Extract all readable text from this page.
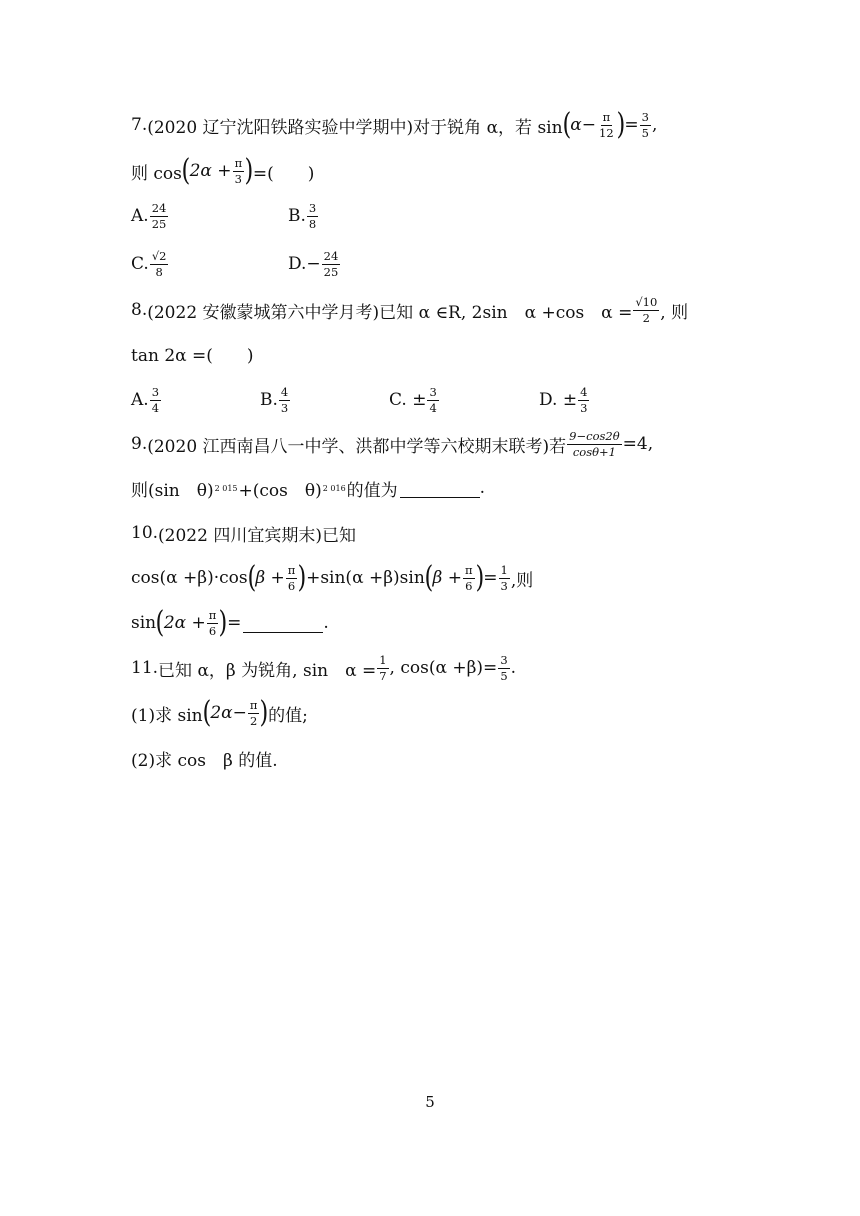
7. (2020 辽宁沈阳铁路实验中学期中) 对于锐角 α，若 sin ( $\alpha- \frac{\pi}{12}$ ) = $\frac{3}{5}$ ,
则 cos ( $2\alpha + \frac{\pi}{3}$ ) =(　　)
A. $\frac{24}{25}$	B. $\frac{3}{8}$
C. $\frac{√2}{8}$	$D.- \frac{24}{25}$
8. (2022 安徽蒙城第六中学月考) 已知 α ∈R, 2sin　α +cos　$\alpha = \frac{√10}{2}$ , 则
tan 2α =(　　)
A. $\frac{3}{4}$	B. $\frac{4}{3}$	C. ± $\frac{3}{4}$	D. ± $\frac{4}{3}$
9. (2020 江西南昌八一中学、洪都中学等六校期末联考) 若 $\frac{9-\cos 2\theta}{\cos\theta+1} =4$,
则(sin　θ) 2 015 +(cos　θ) 2 016 的值为	.
10. (2022 四川宜宾期末) 已知
cos(α +β)·cos ( $\beta + \frac{\pi}{6}$ ) +sin(α +β)sin ( $\beta + \frac{\pi}{6}$ ) = $\frac{1}{3}$ ,则
sin ( $2\alpha + \frac{\pi}{6}$ ) =	.
11. 已知 α，β 为锐角, sin　$\alpha = \frac{1}{7}$ , $\cos(\alpha +\beta)= \frac{3}{5}$ .
(1)求 sin ( $2\alpha- \frac{\pi}{2}$ ) 的值;
(2)求 cos　β 的值.
5
